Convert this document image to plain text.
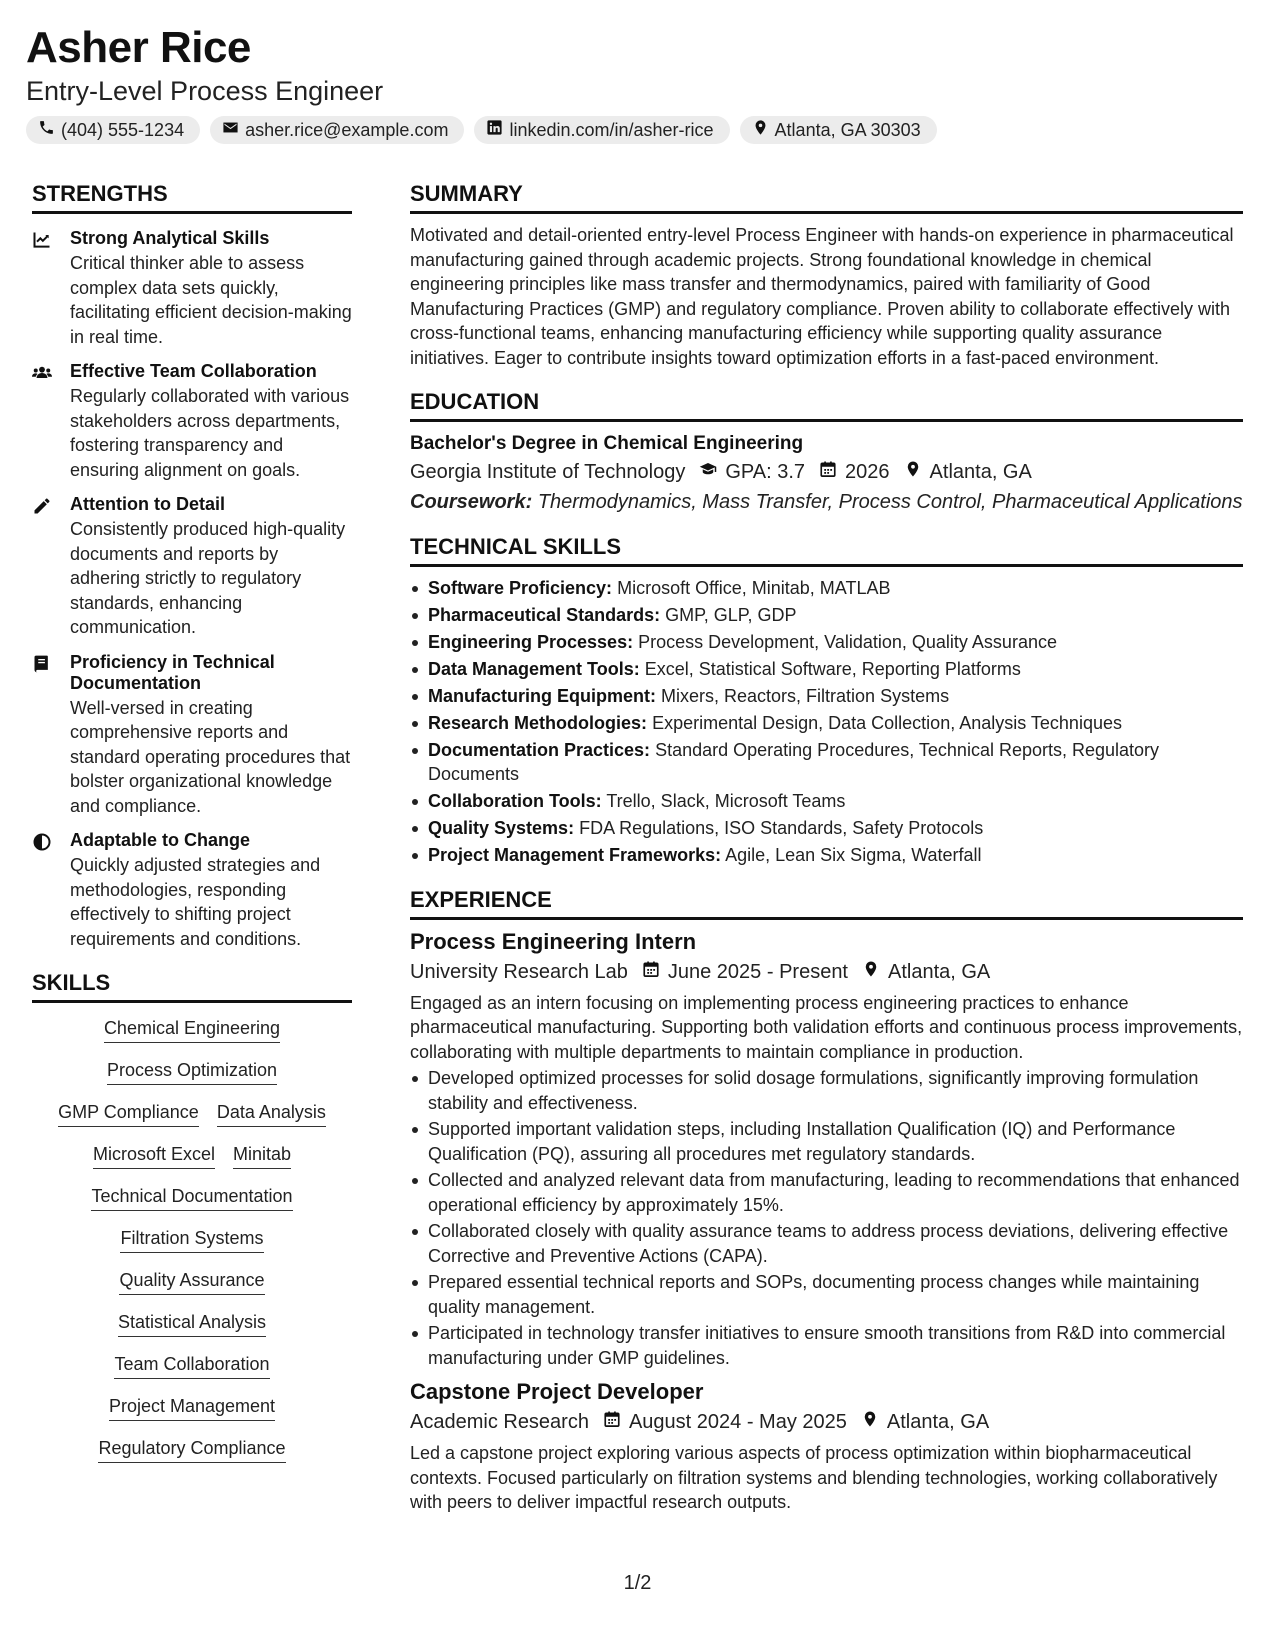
Asher Rice
Entry-Level Process Engineer
(404) 555-1234	asher.rice@example.com	linkedin.com/in/asher-rice	Atlanta, GA 30303
STRENGTHS
Strong Analytical Skills
Critical thinker able to assess complex data sets quickly, facilitating efficient decision-making in real time.
Effective Team Collaboration
Regularly collaborated with various stakeholders across departments, fostering transparency and ensuring alignment on goals.
Attention to Detail
Consistently produced high-quality documents and reports by adhering strictly to regulatory standards, enhancing communication.
Proficiency in Technical Documentation
Well-versed in creating comprehensive reports and standard operating procedures that bolster organizational knowledge and compliance.
Adaptable to Change
Quickly adjusted strategies and methodologies, responding effectively to shifting project requirements and conditions.
SKILLS
Chemical Engineering
Process Optimization
GMP Compliance Data Analysis
Microsoft Excel Minitab
Technical Documentation
Filtration Systems
Quality Assurance
Statistical Analysis
Team Collaboration
Project Management
Regulatory Compliance
SUMMARY
Motivated and detail-oriented entry-level Process Engineer with hands-on experience in pharmaceutical manufacturing gained through academic projects. Strong foundational knowledge in chemical engineering principles like mass transfer and thermodynamics, paired with familiarity of Good Manufacturing Practices (GMP) and regulatory compliance. Proven ability to collaborate effectively with cross-functional teams, enhancing manufacturing efficiency while supporting quality assurance initiatives. Eager to contribute insights toward optimization efforts in a fast-paced environment.
EDUCATION
Bachelor's Degree in Chemical Engineering
Georgia Institute of Technology GPA: 3.7 2026 Atlanta, GA
Coursework: Thermodynamics, Mass Transfer, Process Control, Pharmaceutical Applications
TECHNICAL SKILLS
Software Proficiency: Microsoft Office, Minitab, MATLAB
Pharmaceutical Standards: GMP, GLP, GDP
Engineering Processes: Process Development, Validation, Quality Assurance
Data Management Tools: Excel, Statistical Software, Reporting Platforms
Manufacturing Equipment: Mixers, Reactors, Filtration Systems
Research Methodologies: Experimental Design, Data Collection, Analysis Techniques
Documentation Practices: Standard Operating Procedures, Technical Reports, Regulatory Documents
Collaboration Tools: Trello, Slack, Microsoft Teams
Quality Systems: FDA Regulations, ISO Standards, Safety Protocols
Project Management Frameworks: Agile, Lean Six Sigma, Waterfall
EXPERIENCE
Process Engineering Intern
University Research Lab June 2025 - Present Atlanta, GA
Engaged as an intern focusing on implementing process engineering practices to enhance pharmaceutical manufacturing. Supporting both validation efforts and continuous process improvements, collaborating with multiple departments to maintain compliance in production.
Developed optimized processes for solid dosage formulations, significantly improving formulation stability and effectiveness.
Supported important validation steps, including Installation Qualification (IQ) and Performance Qualification (PQ), assuring all procedures met regulatory standards.
Collected and analyzed relevant data from manufacturing, leading to recommendations that enhanced operational efficiency by approximately 15%.
Collaborated closely with quality assurance teams to address process deviations, delivering effective Corrective and Preventive Actions (CAPA).
Prepared essential technical reports and SOPs, documenting process changes while maintaining quality management.
Participated in technology transfer initiatives to ensure smooth transitions from R&D into commercial manufacturing under GMP guidelines.
Capstone Project Developer
Academic Research August 2024 - May 2025 Atlanta, GA
Led a capstone project exploring various aspects of process optimization within biopharmaceutical contexts. Focused particularly on filtration systems and blending technologies, working collaboratively with peers to deliver impactful research outputs.
1/2
